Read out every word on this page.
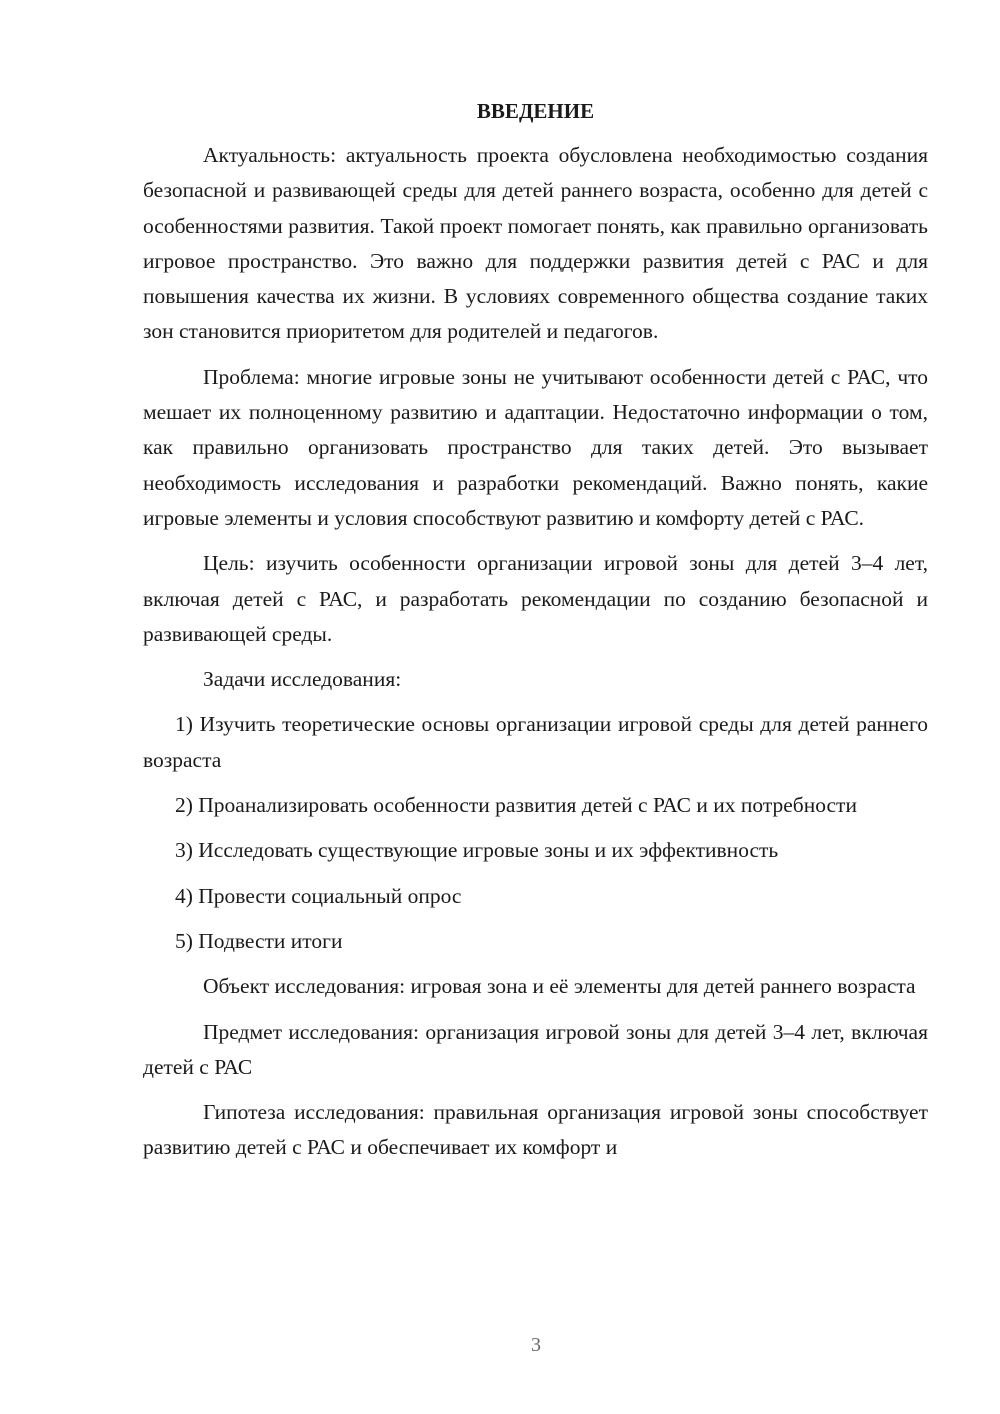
ВВЕДЕНИЕ

Актуальность: актуальность проекта обусловлена необходимостью создания безопасной и развивающей среды для детей раннего возраста, особенно для детей с особенностями развития. Такой проект помогает понять, как правильно организовать игровое пространство. Это важно для поддержки развития детей с РАС и для повышения качества их жизни. В условиях современного общества создание таких зон становится приоритетом для родителей и педагогов.

Проблема: многие игровые зоны не учитывают особенности детей с РАС, что мешает их полноценному развитию и адаптации. Недостаточно информации о том, как правильно организовать пространство для таких детей. Это вызывает необходимость исследования и разработки рекомендаций. Важно понять, какие игровые элементы и условия способствуют развитию и комфорту детей с РАС.

Цель: изучить особенности организации игровой зоны для детей 3–4 лет, включая детей с РАС, и разработать рекомендации по созданию безопасной и развивающей среды.

Задачи исследования:

1) Изучить теоретические основы организации игровой среды для детей раннего возраста

2) Проанализировать особенности развития детей с РАС и их потребности

3) Исследовать существующие игровые зоны и их эффективность

4) Провести социальный опрос

5) Подвести итоги

Объект исследования: игровая зона и её элементы для детей раннего возраста

Предмет исследования: организация игровой зоны для детей 3–4 лет, включая детей с РАС

Гипотеза исследования: правильная организация игровой зоны способствует развитию детей с РАС и обеспечивает их комфорт и

3
